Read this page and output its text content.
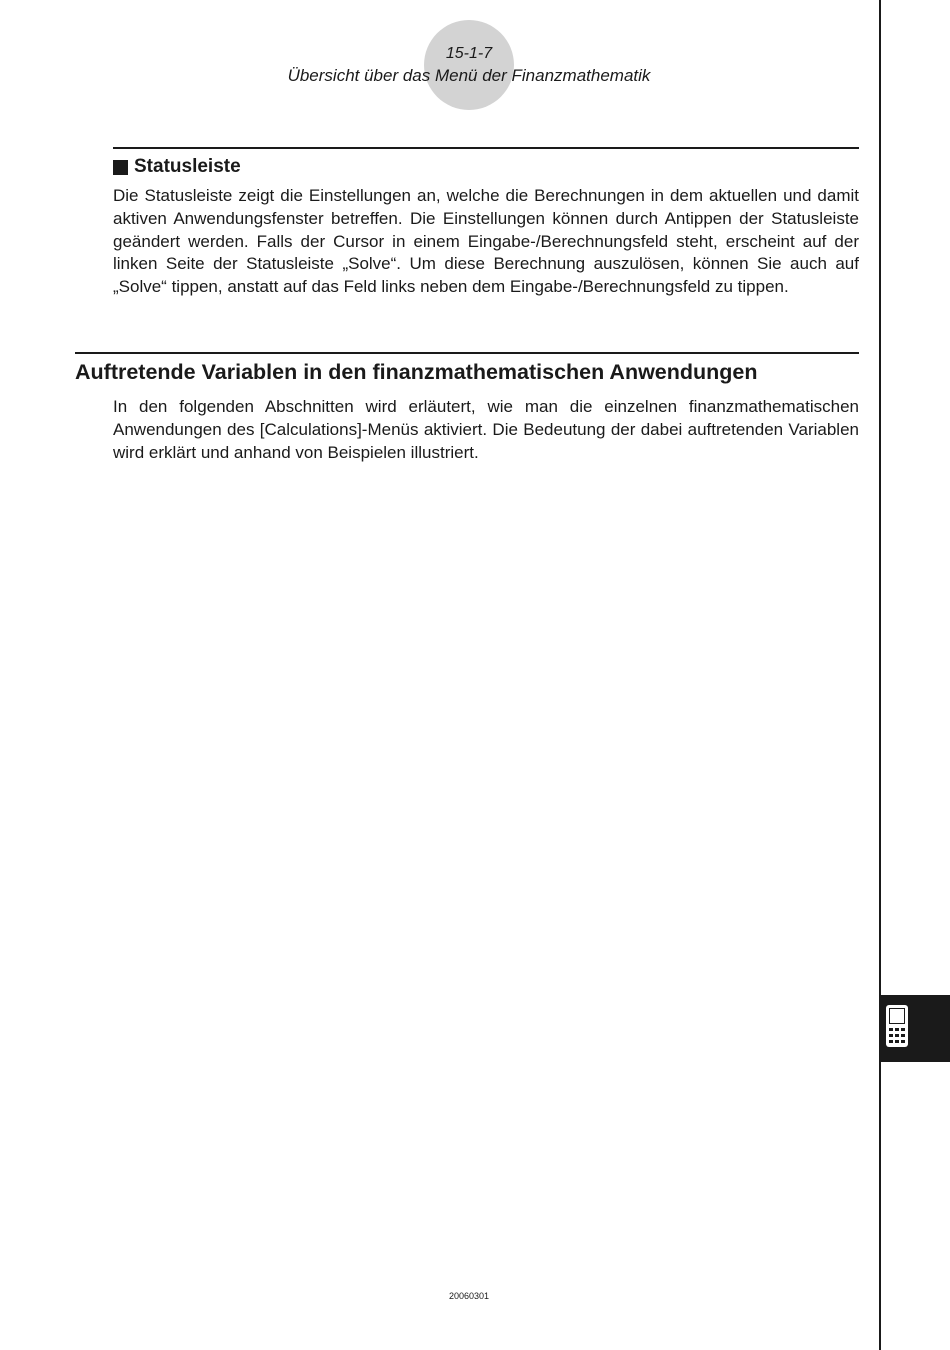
15-1-7
Übersicht über das Menü der Finanzmathematik
Statusleiste

Die Statusleiste zeigt die Einstellungen an, welche die Berechnungen in dem aktuellen und damit aktiven Anwendungsfenster betreffen. Die Einstellungen können durch Antippen der Statusleiste geändert werden. Falls der Cursor in einem Eingabe-/Berechnungsfeld steht, erscheint auf der linken Seite der Statusleiste „Solve“. Um diese Berechnung auszulösen, können Sie auch auf „Solve“ tippen, anstatt auf das Feld links neben dem Eingabe-/Berechnungsfeld zu tippen.

Auftretende Variablen in den finanzmathematischen Anwendungen

In den folgenden Abschnitten wird erläutert, wie man die einzelnen finanzmathematischen Anwendungen des [Calculations]-Menüs aktiviert. Die Bedeutung der dabei auftretenden Variablen wird erklärt und anhand von Beispielen illustriert.

20060301
